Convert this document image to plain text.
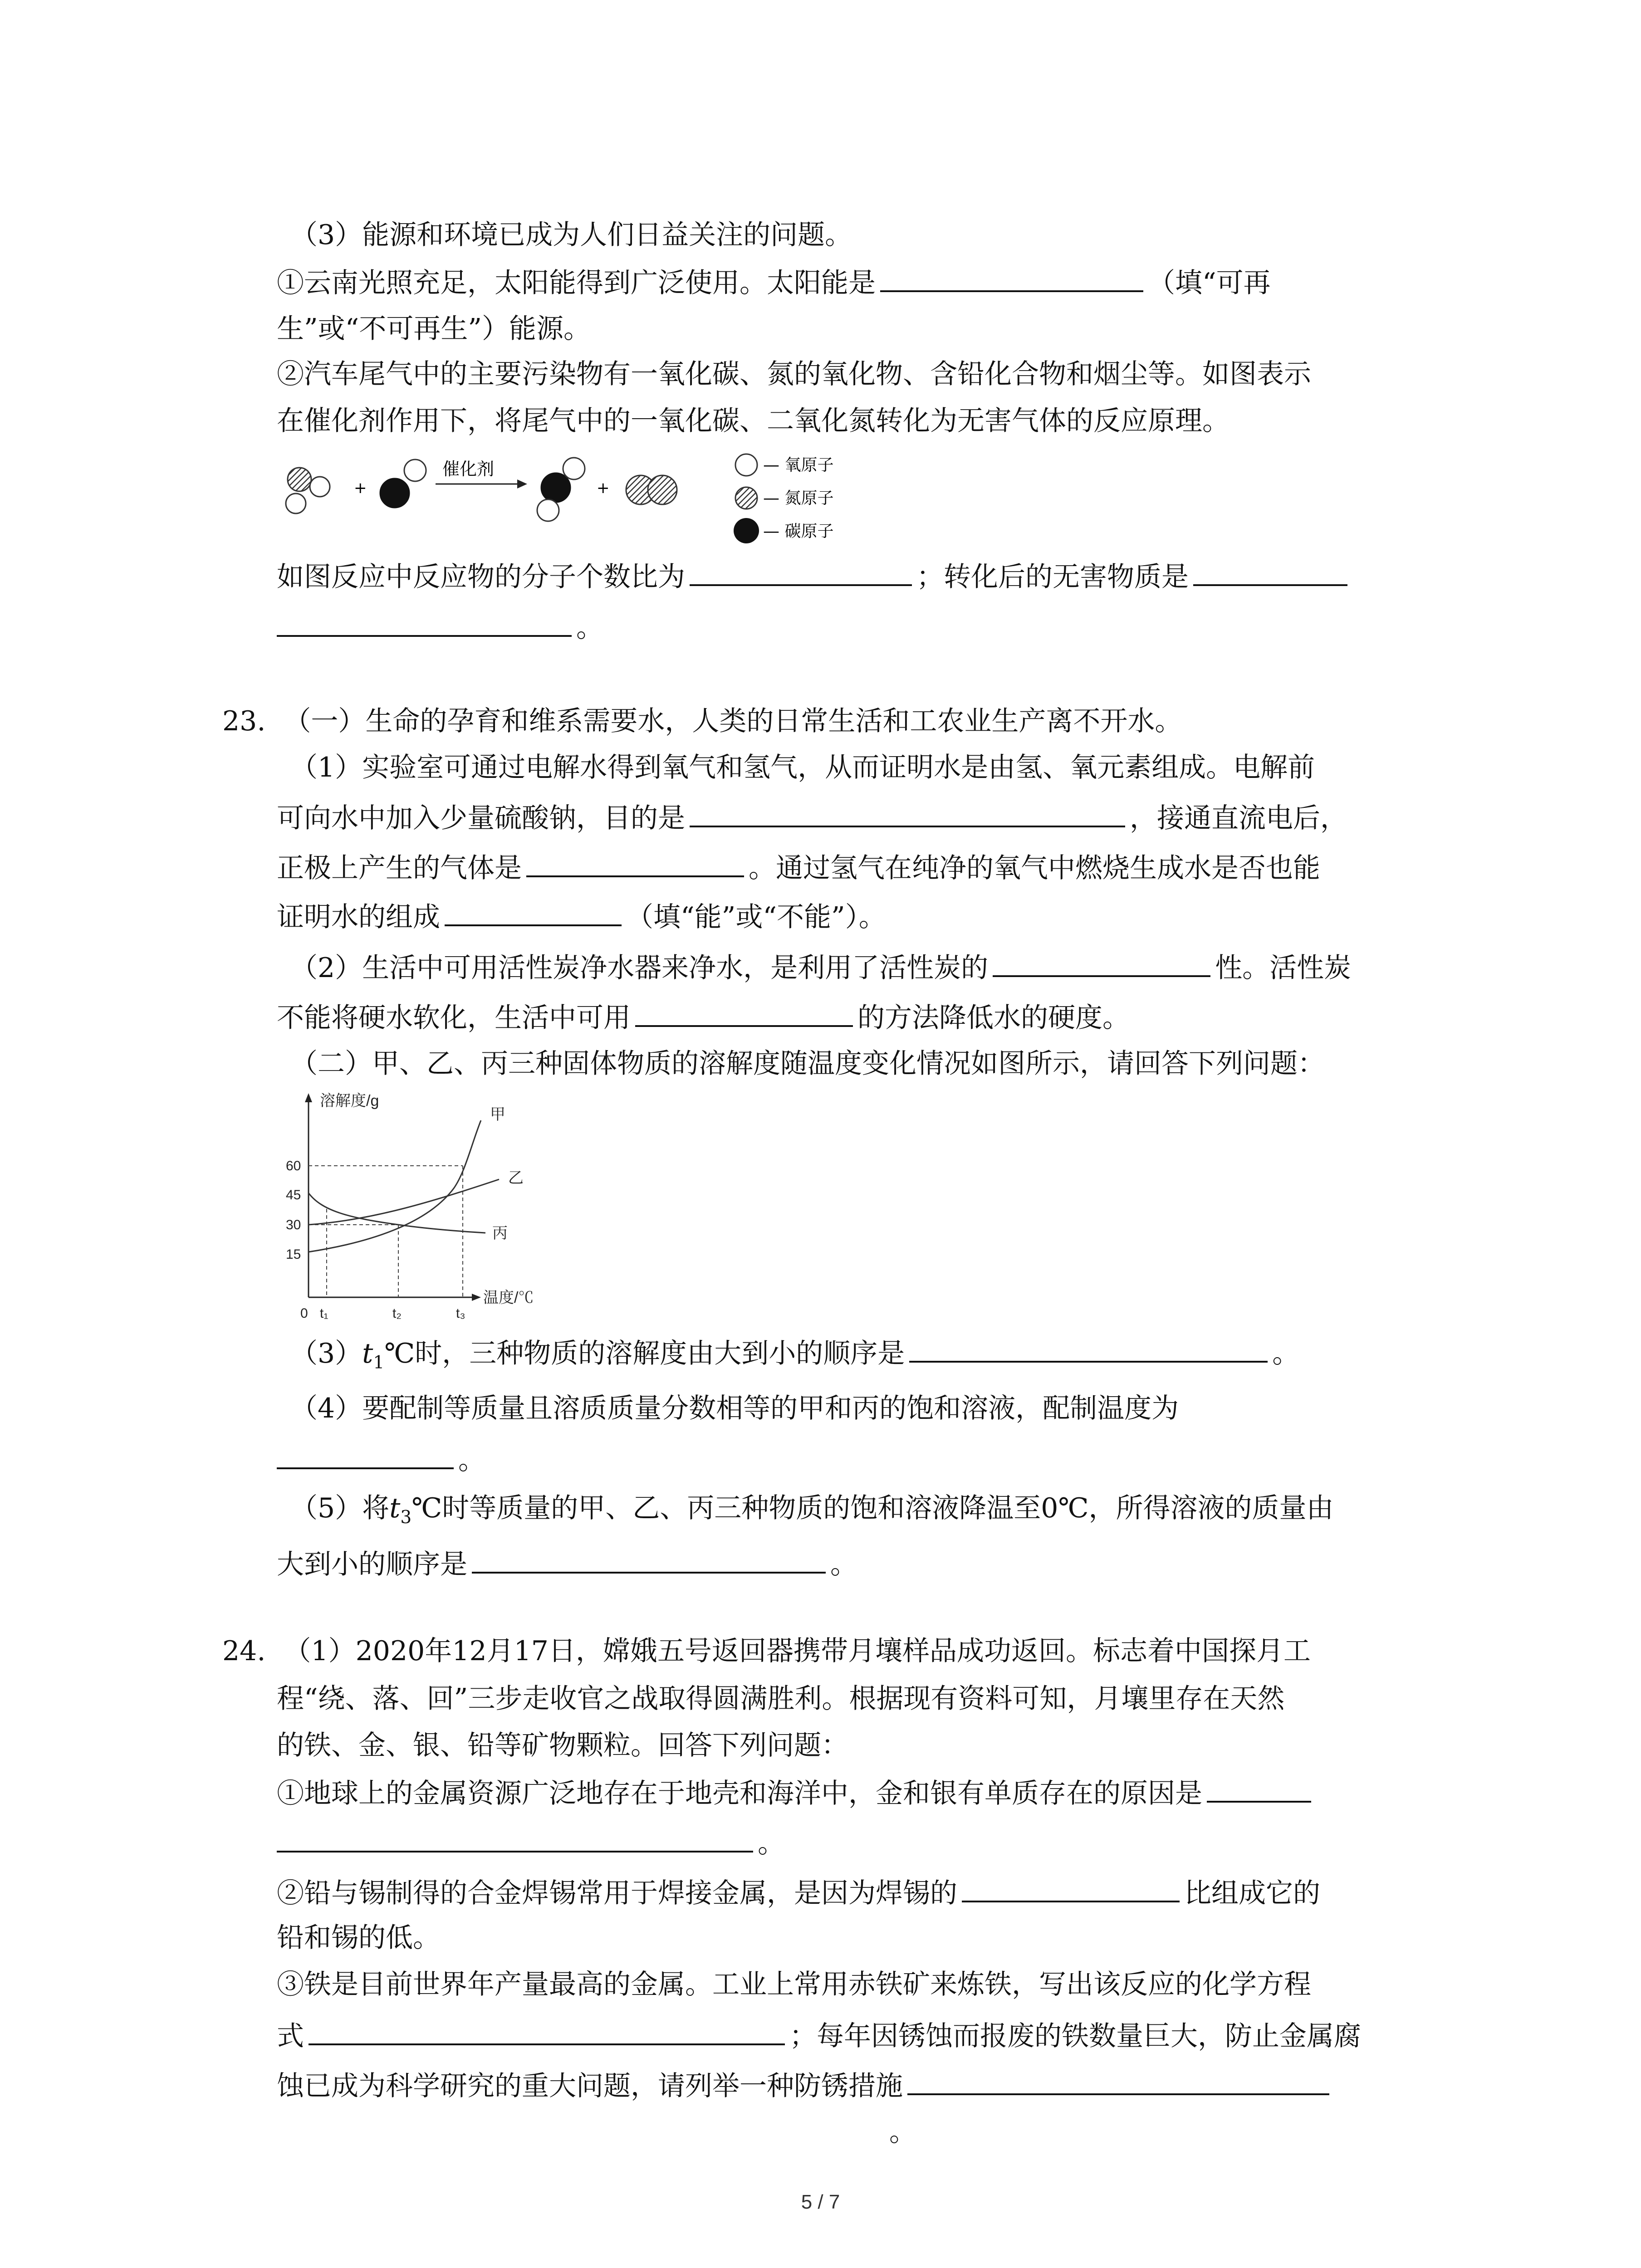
（3）能源和环境已成为人们日益关注的问题。
①云南光照充足，太阳能得到广泛使用。太阳能是	（填“可再
生”或“不可再生”）能源。
②汽车尾气中的主要污染物有一氧化碳、氮的氧化物、含铅化合物和烟尘等。如图表示
在催化剂作用下，将尾气中的一氧化碳、二氧化氮转化为无害气体的反应原理。
+
催化剂
+
— 氧原子
— 氮原子
— 碳原子
如图反应中反应物的分子个数比为	；转化后的无害物质是
。
23. （一）生命的孕育和维系需要水，人类的日常生活和工农业生产离不开水。
（1）实验室可通过电解水得到氧气和氢气，从而证明水是由氢、氧元素组成。电解前
可向水中加入少量硫酸钠，目的是	，接通直流电后，
正极上产生的气体是	。通过氢气在纯净的氧气中燃烧生成水是否也能
证明水的组成	（填“能”或“不能”）。
（2）生活中可用活性炭净水器来净水，是利用了活性炭的	性。活性炭
不能将硬水软化，生活中可用	的方法降低水的硬度。
（二）甲、乙、丙三种固体物质的溶解度随温度变化情况如图所示，请回答下列问题：
溶解度/g
温度/℃
60
45
30
15
0 t₁	t₂	t₃
甲
乙
丙
$(3)t_1℃$时，三种物质的溶解度由大到小的顺序是	。
（4）要配制等质量且溶质质量分数相等的甲和丙的饱和溶液，配制温度为
。
（5）将$t_3℃$时等质量的甲、乙、丙三种物质的饱和溶液降温至0℃，所得溶液的质量由
大到小的顺序是	。
24. （1）2020年12月17日，嫦娥五号返回器携带月壤样品成功返回。标志着中国探月工
程“绕、落、回”三步走收官之战取得圆满胜利。根据现有资料可知，月壤里存在天然
的铁、金、银、铅等矿物颗粒。回答下列问题：
①地球上的金属资源广泛地存在于地壳和海洋中，金和银有单质存在的原因是
。
②铅与锡制得的合金焊锡常用于焊接金属，是因为焊锡的	比组成它的
铅和锡的低。
③铁是目前世界年产量最高的金属。工业上常用赤铁矿来炼铁，写出该反应的化学方程
式	；每年因锈蚀而报废的铁数量巨大，防止金属腐
蚀已成为科学研究的重大问题，请列举一种防锈措施
。
5 / 7
